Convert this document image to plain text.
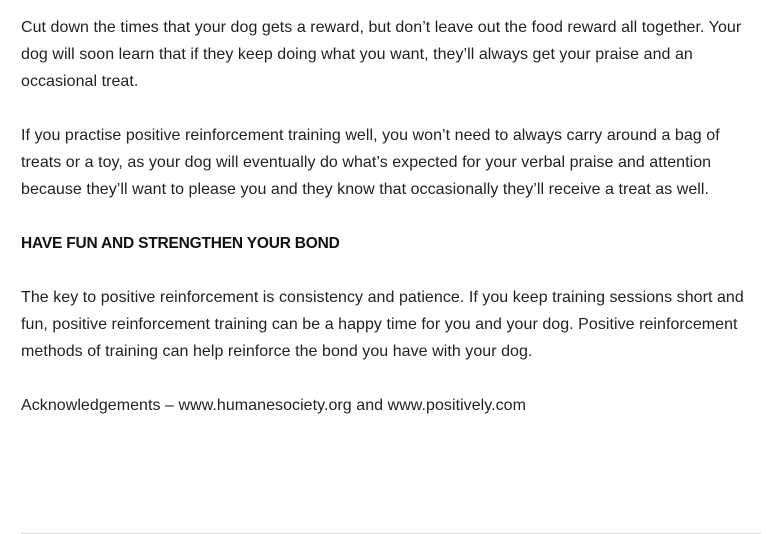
Cut down the times that your dog gets a reward, but don’t leave out the food reward all together. Your dog will soon learn that if they keep doing what you want, they’ll always get your praise and an occasional treat.

If you practise positive reinforcement training well, you won’t need to always carry around a bag of treats or a toy, as your dog will eventually do what’s expected for your verbal praise and attention because they’ll want to please you and they know that occasionally they’ll receive a treat as well.

HAVE FUN AND STRENGTHEN YOUR BOND

The key to positive reinforcement is consistency and patience. If you keep training sessions short and fun, positive reinforcement training can be a happy time for you and your dog. Positive reinforcement methods of training can help reinforce the bond you have with your dog.

Acknowledgements – www.humanesociety.org and www.positively.com
